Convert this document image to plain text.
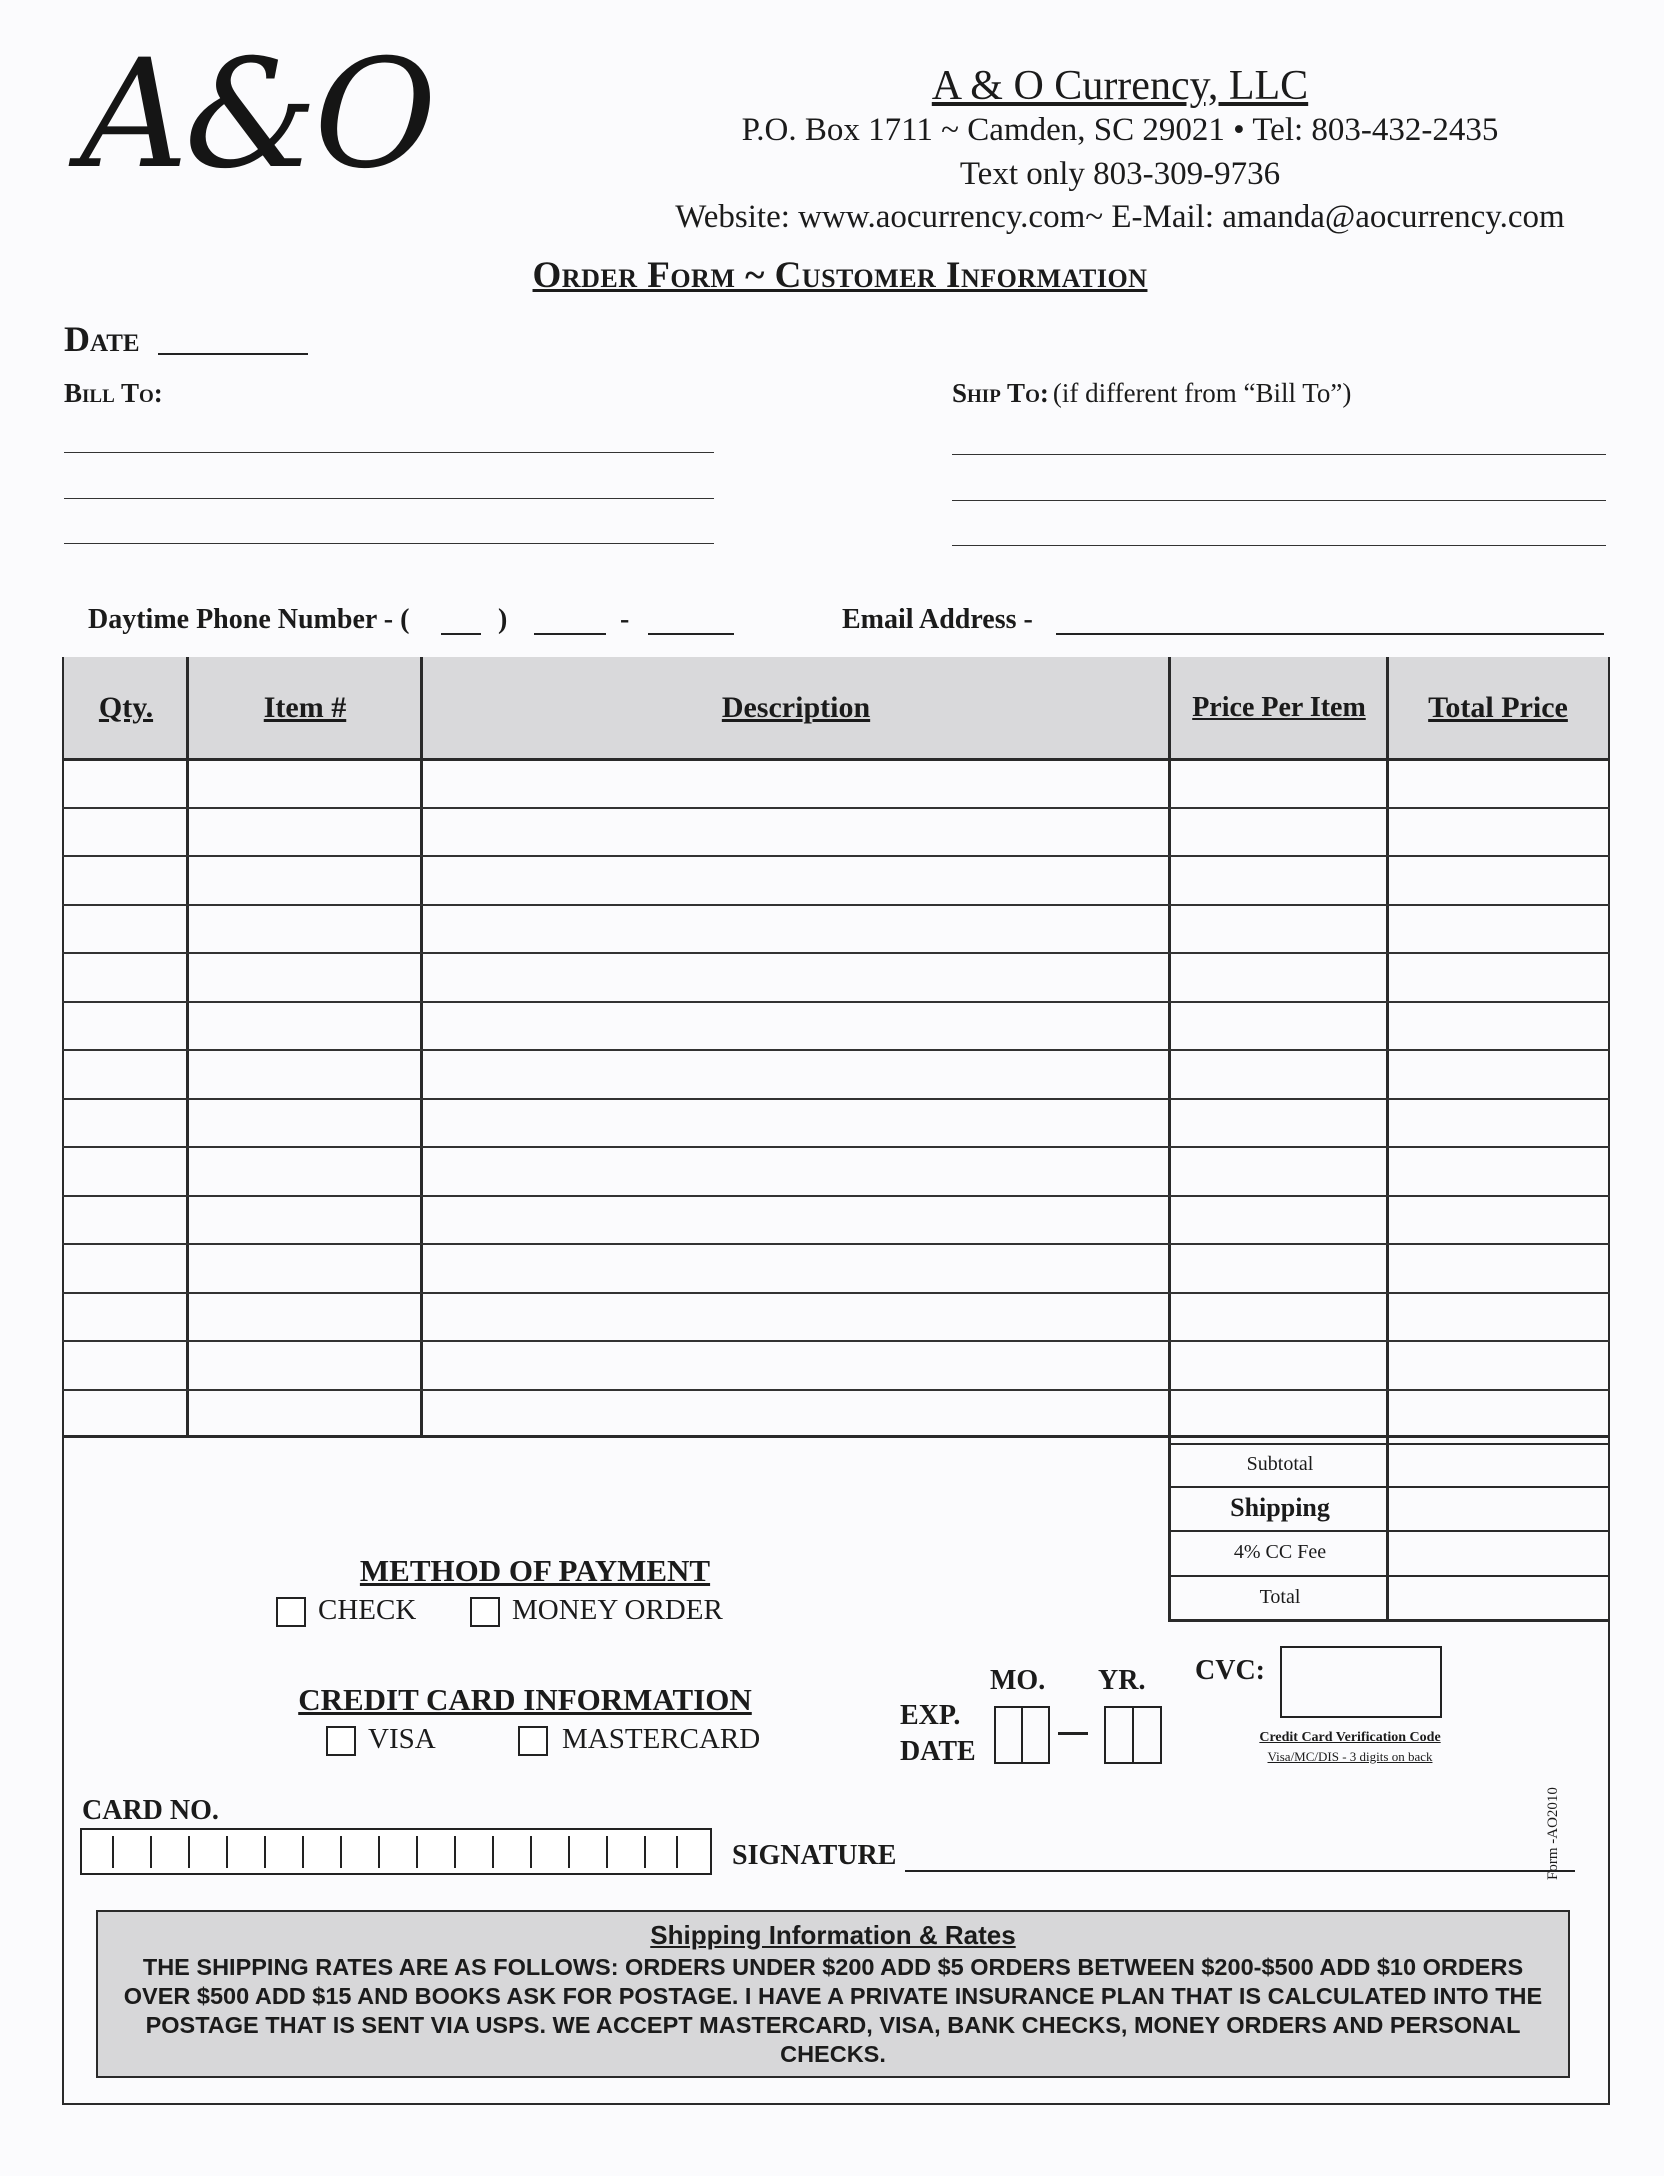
A&O	A & O Currency, LLC
P.O. Box 1711 ~ Camden, SC 29021 • Tel: 803-432-2435
Text only 803-309-9736
Website: www.aocurrency.com~ E-Mail: amanda@aocurrency.com
Order Form ~ Customer Information
Date
Bill To:	Ship To: (if different from “Bill To”)
Daytime Phone Number - (	)	-	Email Address -
Qty.	Item #	Description	Price Per Item	Total Price
Subtotal
Shipping
4% CC Fee
Total
METHOD OF PAYMENT
CHECK	MONEY ORDER
CREDIT CARD INFORMATION
VISA	MASTERCARD
MO. YR.
EXP.
DATE
CVC:
Credit Card Verification Code
Visa/MC/DIS - 3 digits on back
Form -AO2010
CARD NO.
SIGNATURE
Shipping Information & Rates
THE SHIPPING RATES ARE AS FOLLOWS: ORDERS UNDER $200 ADD $5 ORDERS BETWEEN $200-$500 ADD $10 ORDERS OVER $500 ADD $15 AND BOOKS ASK FOR POSTAGE. I HAVE A PRIVATE INSURANCE PLAN THAT IS CALCULATED INTO THE POSTAGE THAT IS SENT VIA USPS. WE ACCEPT MASTERCARD, VISA, BANK CHECKS, MONEY ORDERS AND PERSONAL CHECKS.
